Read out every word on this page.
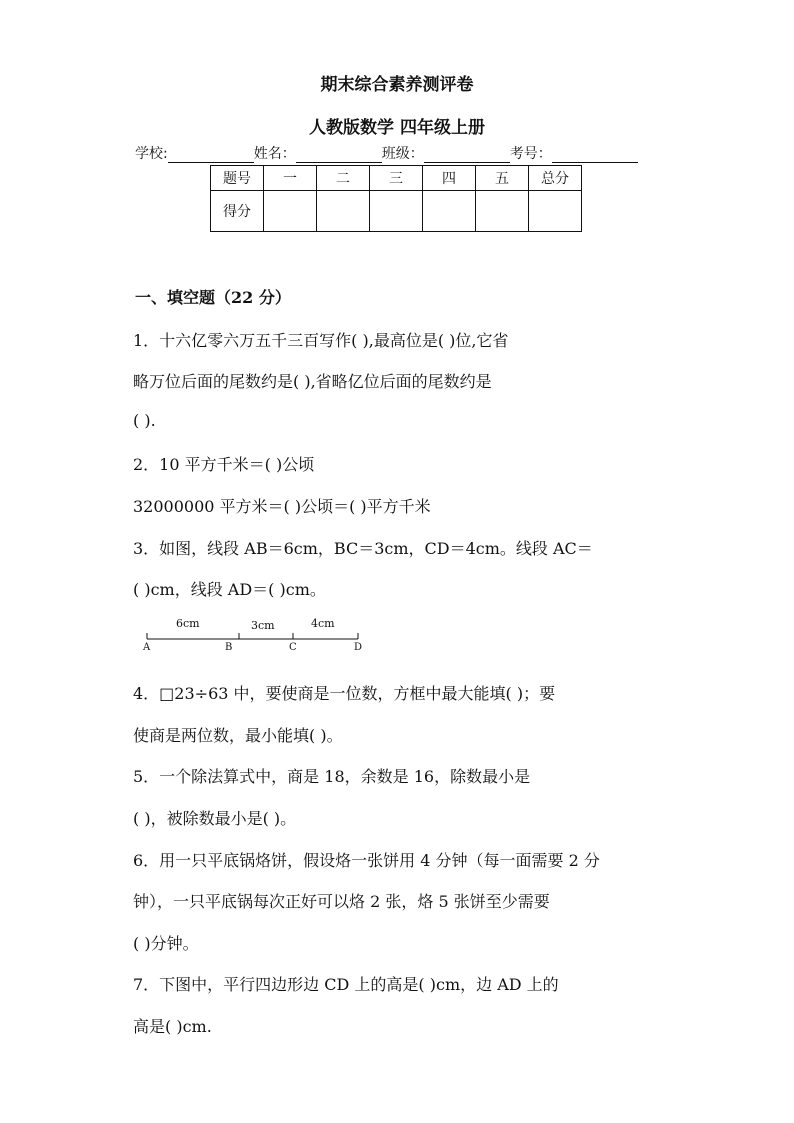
期末综合素养测评卷
人教版数学 四年级上册
学校:	姓名：	班级：	考号：
题号	一	二	三	四	五	总分
得分						
一、填空题（22 分）
1．十六亿零六万五千三百写作( ),最高位是( )位,它省
略万位后面的尾数约是( ),省略亿位后面的尾数约是
( ).
2．10 平方千米＝( )公顷
32000000 平方米＝( )公顷＝( )平方千米
3．如图，线段 AB＝6cm，BC＝3cm，CD＝4cm。线段 AC＝
( )cm，线段 AD＝( )cm。
6cm	3cm	4cm
A	B	C	D
4．□23÷63 中，要使商是一位数，方框中最大能填( )；要
使商是两位数，最小能填( )。
5．一个除法算式中，商是 18，余数是 16，除数最小是
( )，被除数最小是( )。
6．用一只平底锅烙饼，假设烙一张饼用 4 分钟（每一面需要 2 分
钟），一只平底锅每次正好可以烙 2 张，烙 5 张饼至少需要
( )分钟。
7．下图中，平行四边形边 CD 上的高是( )cm，边 AD 上的
高是( )cm.
